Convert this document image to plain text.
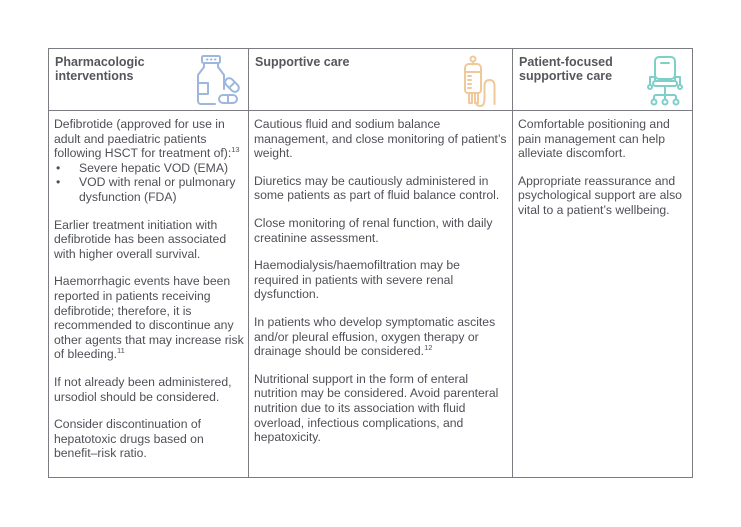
Pharmacologic interventions
Defibrotide (approved for use in adult and paediatric patients following HSCT for treatment of):$^{13}$
• Severe hepatic VOD (EMA)
• VOD with renal or pulmonary dysfunction (FDA)
Earlier treatment initiation with defibrotide has been associated with higher overall survival.
Haemorrhagic events have been reported in patients receiving defibrotide; therefore, it is recommended to discontinue any other agents that may increase risk of bleeding.$^{11}$
If not already been administered, ursodiol should be considered.
Consider discontinuation of hepatotoxic drugs based on benefit–risk ratio.
Supportive care
Cautious fluid and sodium balance management, and close monitoring of patient’s weight.
Diuretics may be cautiously administered in some patients as part of fluid balance control.
Close monitoring of renal function, with daily creatinine assessment.
Haemodialysis/haemofiltration may be required in patients with severe renal dysfunction.
In patients who develop symptomatic ascites and/or pleural effusion, oxygen therapy or drainage should be considered.$^{12}$
Nutritional support in the form of enteral nutrition may be considered. Avoid parenteral nutrition due to its association with fluid overload, infectious complications, and hepatoxicity.
Patient-focused supportive care
Comfortable positioning and pain management can help alleviate discomfort.
Appropriate reassurance and psychological support are also vital to a patient’s wellbeing.
